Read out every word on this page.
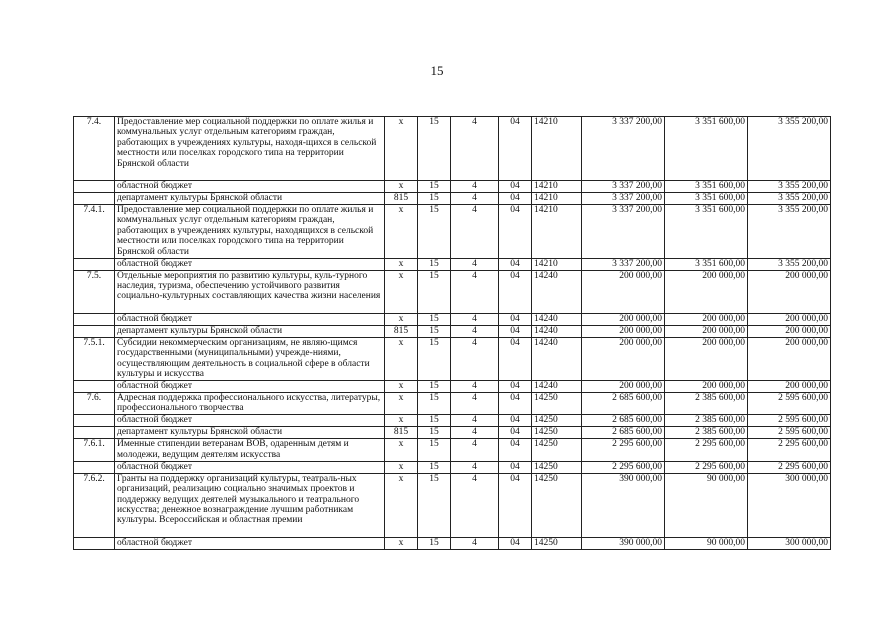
15
7.4.	Предоставление мер социальной поддержки по оплате жилья и коммунальных услуг отдельным категориям граждан, работающих в учреждениях культуры, находя-щихся в сельской местности или поселках городского типа на территории Брянской области	x	15	4	04	14210	3 337 200,00	3 351 600,00	3 355 200,00
	областной бюджет	x	15	4	04	14210	3 337 200,00	3 351 600,00	3 355 200,00
	департамент культуры Брянской области	815	15	4	04	14210	3 337 200,00	3 351 600,00	3 355 200,00
7.4.1.	Предоставление мер социальной поддержки по оплате жилья и коммунальных услуг отдельным категориям граждан, работающих в учреждениях культуры, находящихся в сельской местности или поселках городского типа на территории Брянской области	x	15	4	04	14210	3 337 200,00	3 351 600,00	3 355 200,00
	областной бюджет	x	15	4	04	14210	3 337 200,00	3 351 600,00	3 355 200,00
7.5.	Отдельные мероприятия по развитию культуры, куль-турного наследия, туризма, обеспечению устойчивого развития социально-культурных составляющих качества жизни населения	x	15	4	04	14240	200 000,00	200 000,00	200 000,00
	областной бюджет	x	15	4	04	14240	200 000,00	200 000,00	200 000,00
	департамент культуры Брянской области	815	15	4	04	14240	200 000,00	200 000,00	200 000,00
7.5.1.	Субсидии некоммерческим организациям, не являю-щимся государственными (муниципальными) учрежде-ниями, осуществляющим деятельность в социальной сфере в области культуры и искусства	x	15	4	04	14240	200 000,00	200 000,00	200 000,00
	областной бюджет	x	15	4	04	14240	200 000,00	200 000,00	200 000,00
7.6.	Адресная поддержка профессионального искусства, литературы, профессионального творчества	x	15	4	04	14250	2 685 600,00	2 385 600,00	2 595 600,00
	областной бюджет	x	15	4	04	14250	2 685 600,00	2 385 600,00	2 595 600,00
	департамент культуры Брянской области	815	15	4	04	14250	2 685 600,00	2 385 600,00	2 595 600,00
7.6.1.	Именные стипендии ветеранам ВОВ, одаренным детям и молодежи, ведущим деятелям искусства	x	15	4	04	14250	2 295 600,00	2 295 600,00	2 295 600,00
	областной бюджет	x	15	4	04	14250	2 295 600,00	2 295 600,00	2 295 600,00
7.6.2.	Гранты на поддержку организаций культуры, театраль-ных организаций, реализацию социально значимых проектов и поддержку ведущих деятелей музыкального и театрального искусства; денежное вознаграждение лучшим работникам культуры. Всероссийская и областная премии	x	15	4	04	14250	390 000,00	90 000,00	300 000,00
	областной бюджет	x	15	4	04	14250	390 000,00	90 000,00	300 000,00
